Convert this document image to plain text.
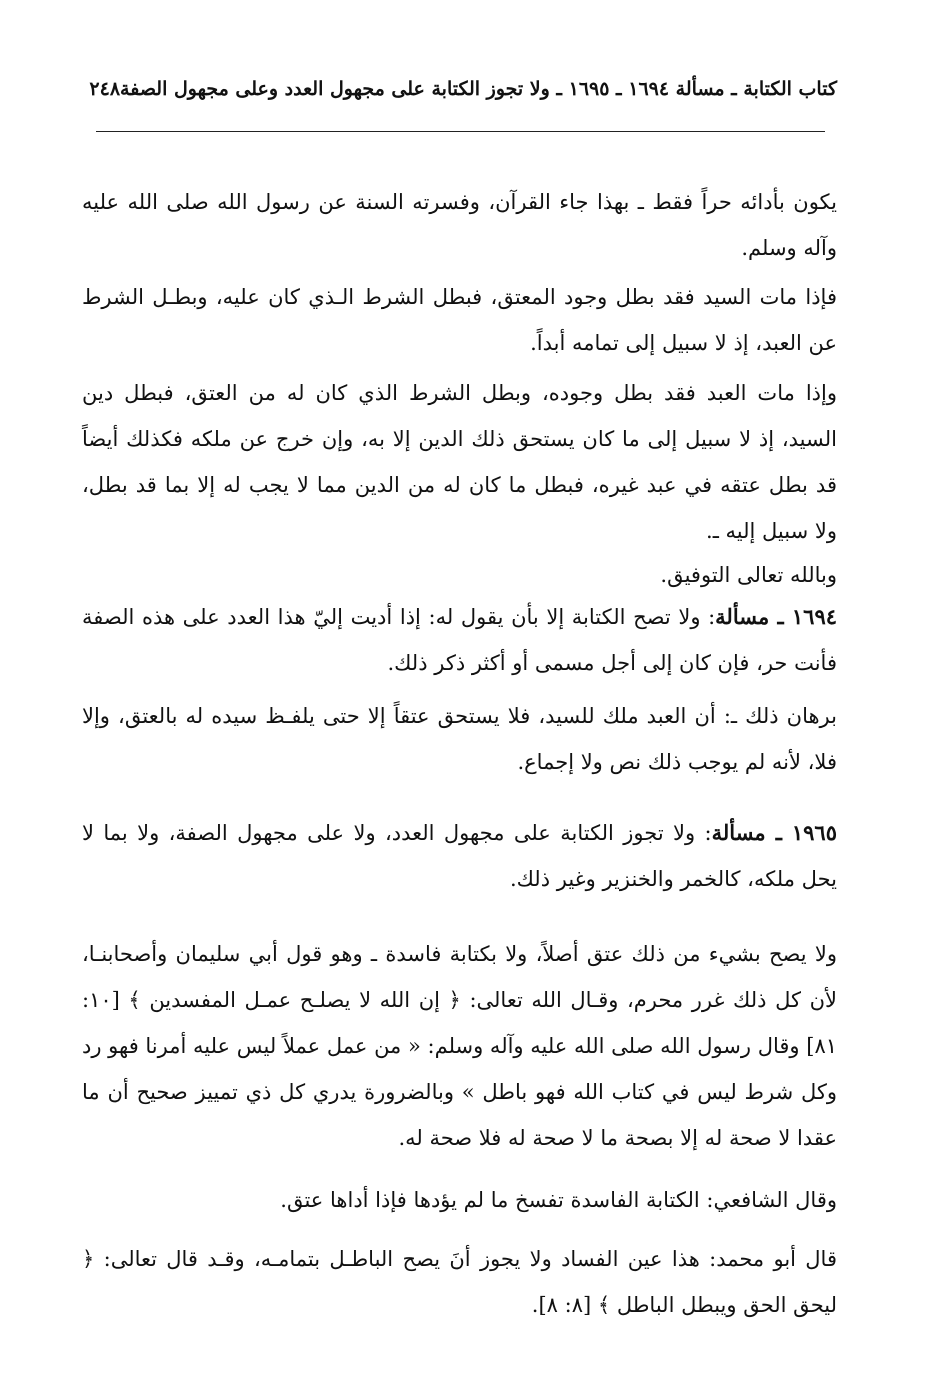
كتاب الكتابة ـ مسألة ١٦٩٤ ـ ١٦٩٥ ـ ولا تجوز الكتابة على مجهول العدد وعلى مجهول الصفة
٢٤٨

يكون بأدائه حراً فقط ـ بهذا جاء القرآن، وفسرته السنة عن رسول الله صلى الله عليه وآله وسلم.

فإذا مات السيد فقد بطل وجود المعتق، فبطل الشرط الـذي كان عليه، وبطـل الشرط عن العبد، إذ لا سبيل إلى تمامه أبداً.

وإذا مات العبد فقد بطل وجوده، وبطل الشرط الذي كان له من العتق، فبطل دين السيد، إذ لا سبيل إلى ما كان يستحق ذلك الدين إلا به، وإن خرج عن ملكه فكذلك أيضاً قد بطل عتقه في عبد غيره، فبطل ما كان له من الدين مما لا يجب له إلا بما قد بطل، ولا سبيل إليه ـ.

وبالله تعالى التوفيق.

١٦٩٤ ـ مسألة: ولا تصح الكتابة إلا بأن يقول له: إذا أديت إليّ هذا العدد على هذه الصفة فأنت حر، فإن كان إلى أجل مسمى أو أكثر ذكر ذلك.

برهان ذلك ـ: أن العبد ملك للسيد، فلا يستحق عتقاً إلا حتى يلفـظ سيده له بالعتق، وإلا فلا، لأنه لم يوجب ذلك نص ولا إجماع.

١٩٦٥ ـ مسألة: ولا تجوز الكتابة على مجهول العدد، ولا على مجهول الصفة، ولا بما لا يحل ملكه، كالخمر والخنزير وغير ذلك.

ولا يصح بشيء من ذلك عتق أصلاً، ولا بكتابة فاسدة ـ وهو قول أبي سليمان وأصحابنـا، لأن كل ذلك غرر محرم، وقـال الله تعالى: ﴿ إن الله لا يصلـح عمـل المفسدين ﴾ [١٠: ٨١] وقال رسول الله صلى الله عليه وآله وسلم: « من عمل عملاً ليس عليه أمرنا فهو رد وكل شرط ليس في كتاب الله فهو باطل » وبالضرورة يدري كل ذي تمييز صحيح أن ما عقدا لا صحة له إلا بصحة ما لا صحة له فلا صحة له.

وقال الشافعي: الكتابة الفاسدة تفسخ ما لم يؤدها فإذا أداها عتق.

قال أبو محمد: هذا عين الفساد ولا يجوز أنَ يصح الباطـل بتمامـه، وقـد قال تعالى: ﴿ ليحق الحق ويبطل الباطل ﴾ [٨: ٨].
